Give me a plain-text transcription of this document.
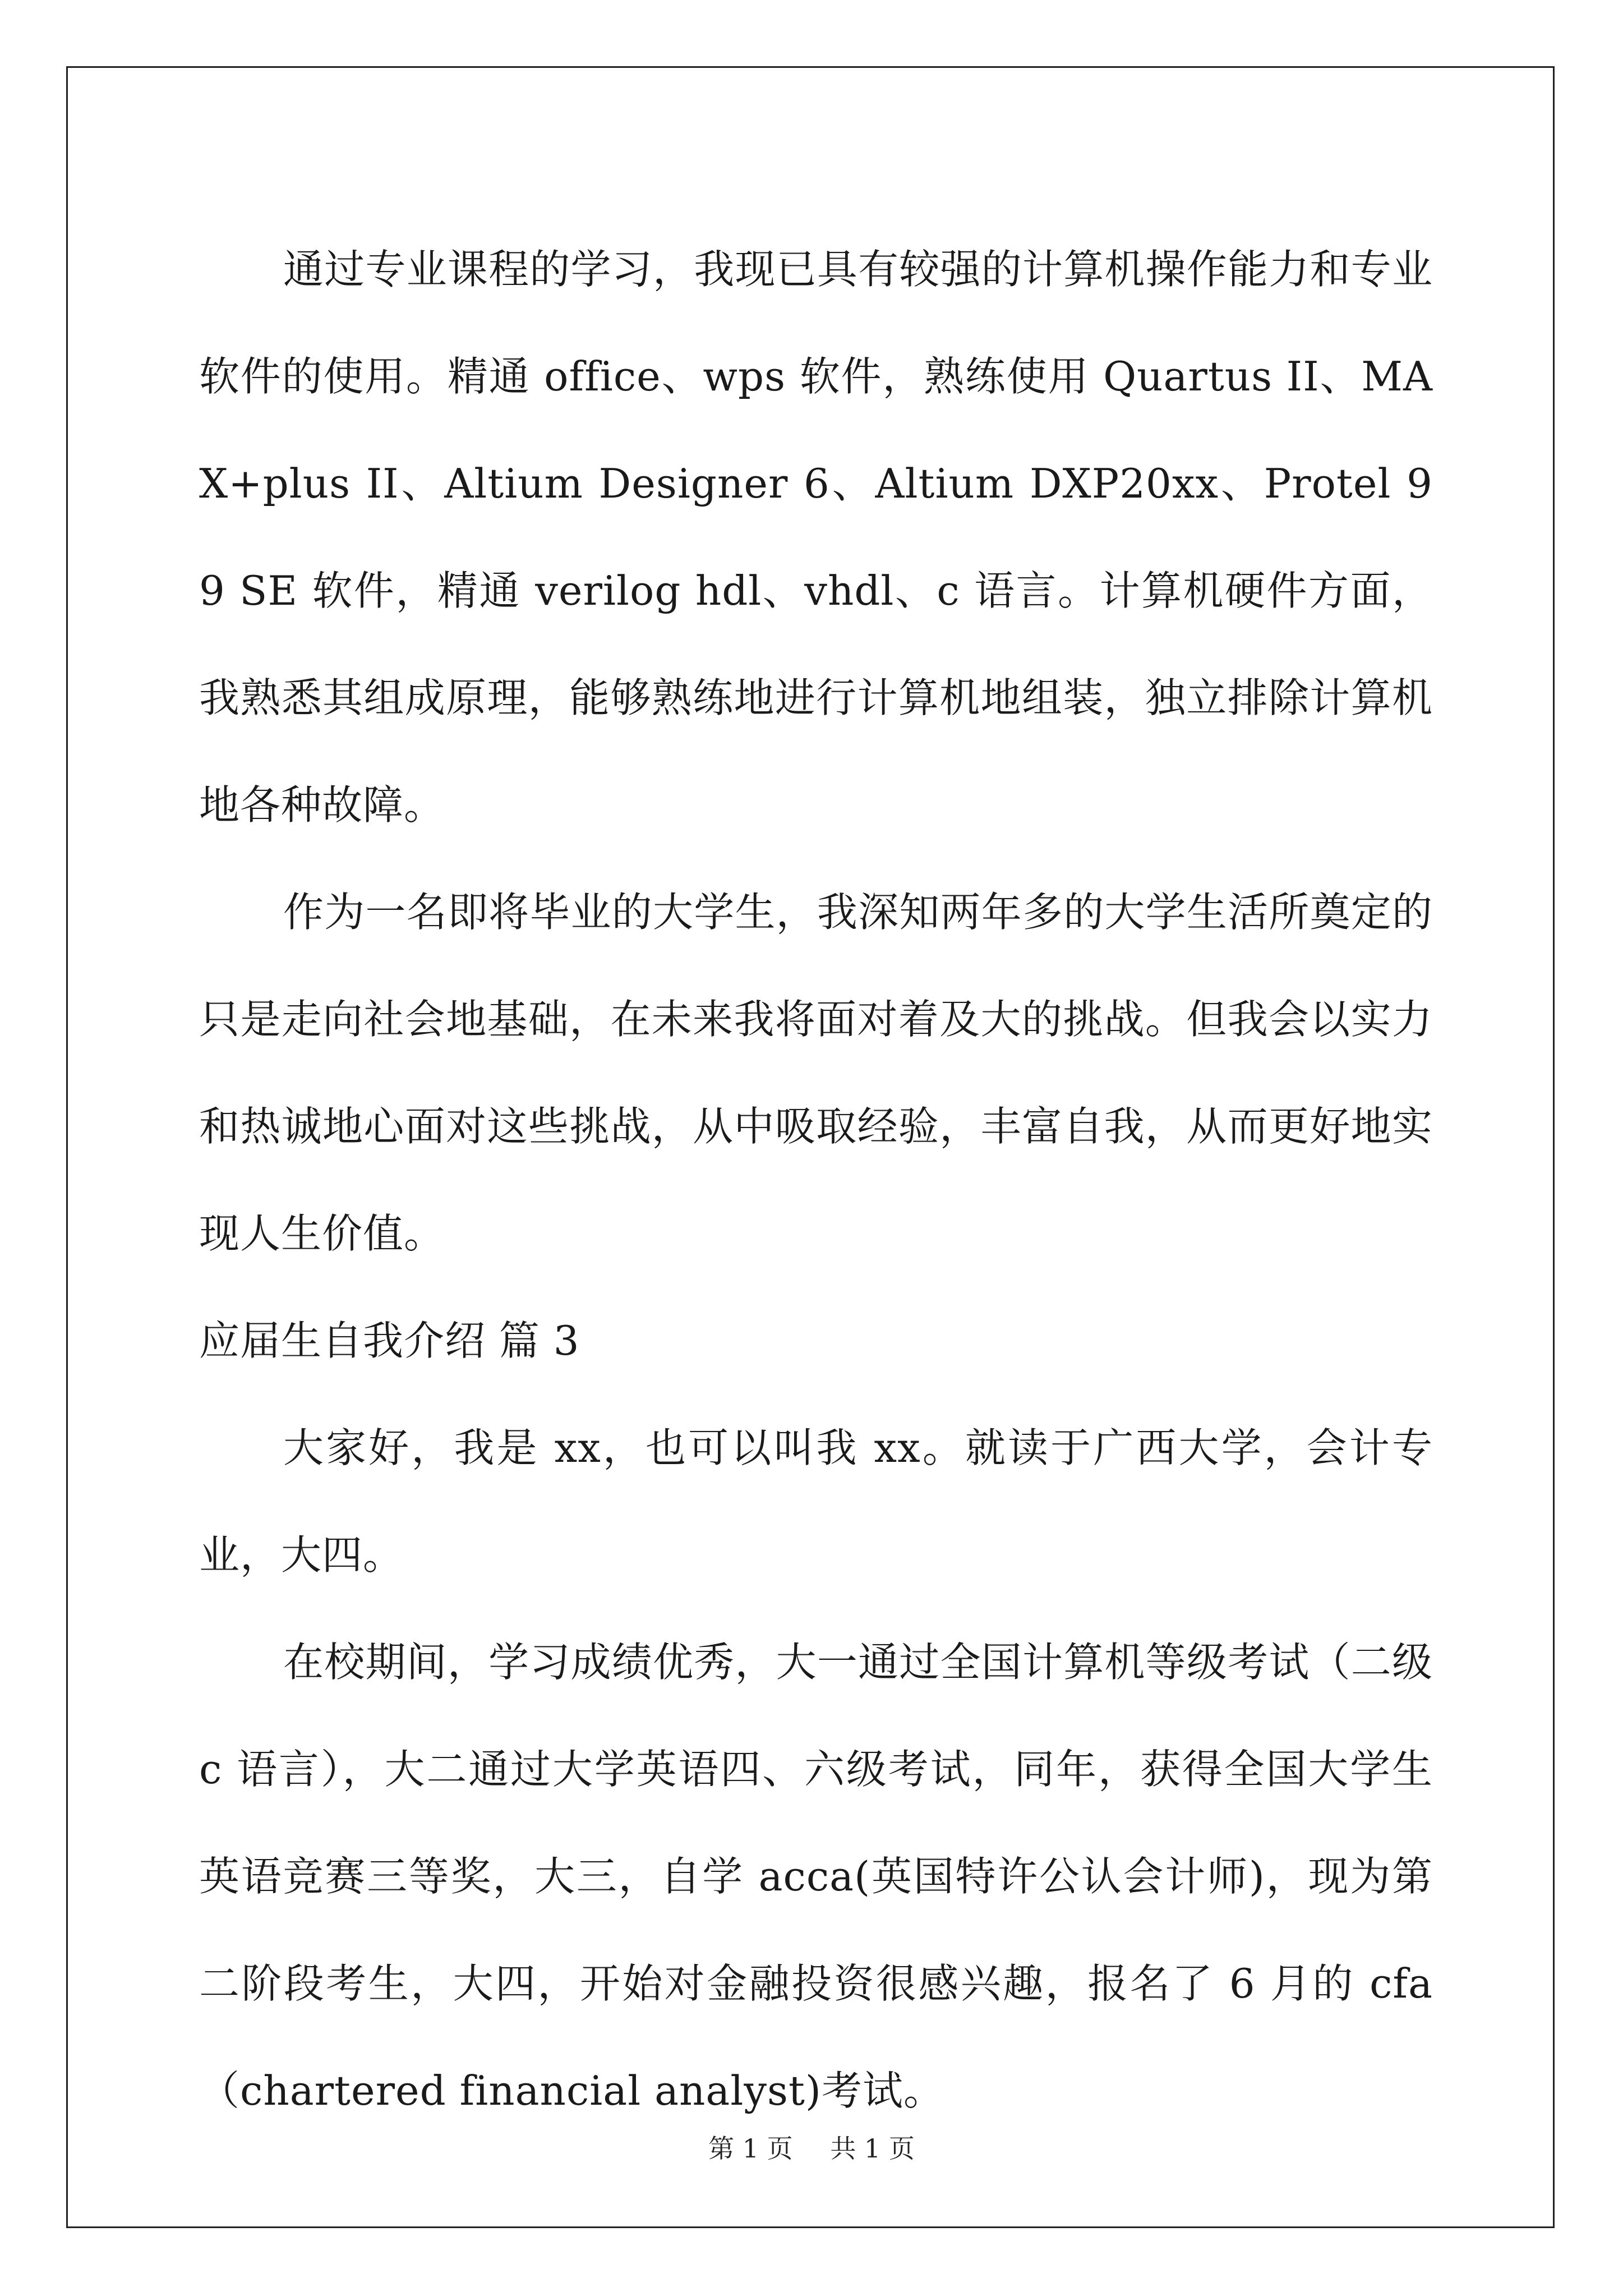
通过专业课程的学习，我现已具有较强的计算机操作能力和专业软件的使用。精通 office、wps 软件，熟练使用 Quartus II、MAX+plus II、Altium Designer 6、Altium DXP20xx、Protel 99 SE 软件，精通 verilog hdl、vhdl、c 语言。计算机硬件方面，我熟悉其组成原理，能够熟练地进行计算机地组装，独立排除计算机地各种故障。

作为一名即将毕业的大学生，我深知两年多的大学生活所奠定的只是走向社会地基础，在未来我将面对着及大的挑战。但我会以实力和热诚地心面对这些挑战，从中吸取经验，丰富自我，从而更好地实现人生价值。

应届生自我介绍 篇 3

大家好，我是 xx，也可以叫我 xx。就读于广西大学，会计专业，大四。

在校期间，学习成绩优秀，大一通过全国计算机等级考试（二级 c 语言），大二通过大学英语四、六级考试，同年，获得全国大学生英语竞赛三等奖，大三，自学 acca(英国特许公认会计师)，现为第二阶段考生，大四，开始对金融投资很感兴趣，报名了 6 月的 cfa（chartered financial analyst)考试。

第 1 页 共 1 页
